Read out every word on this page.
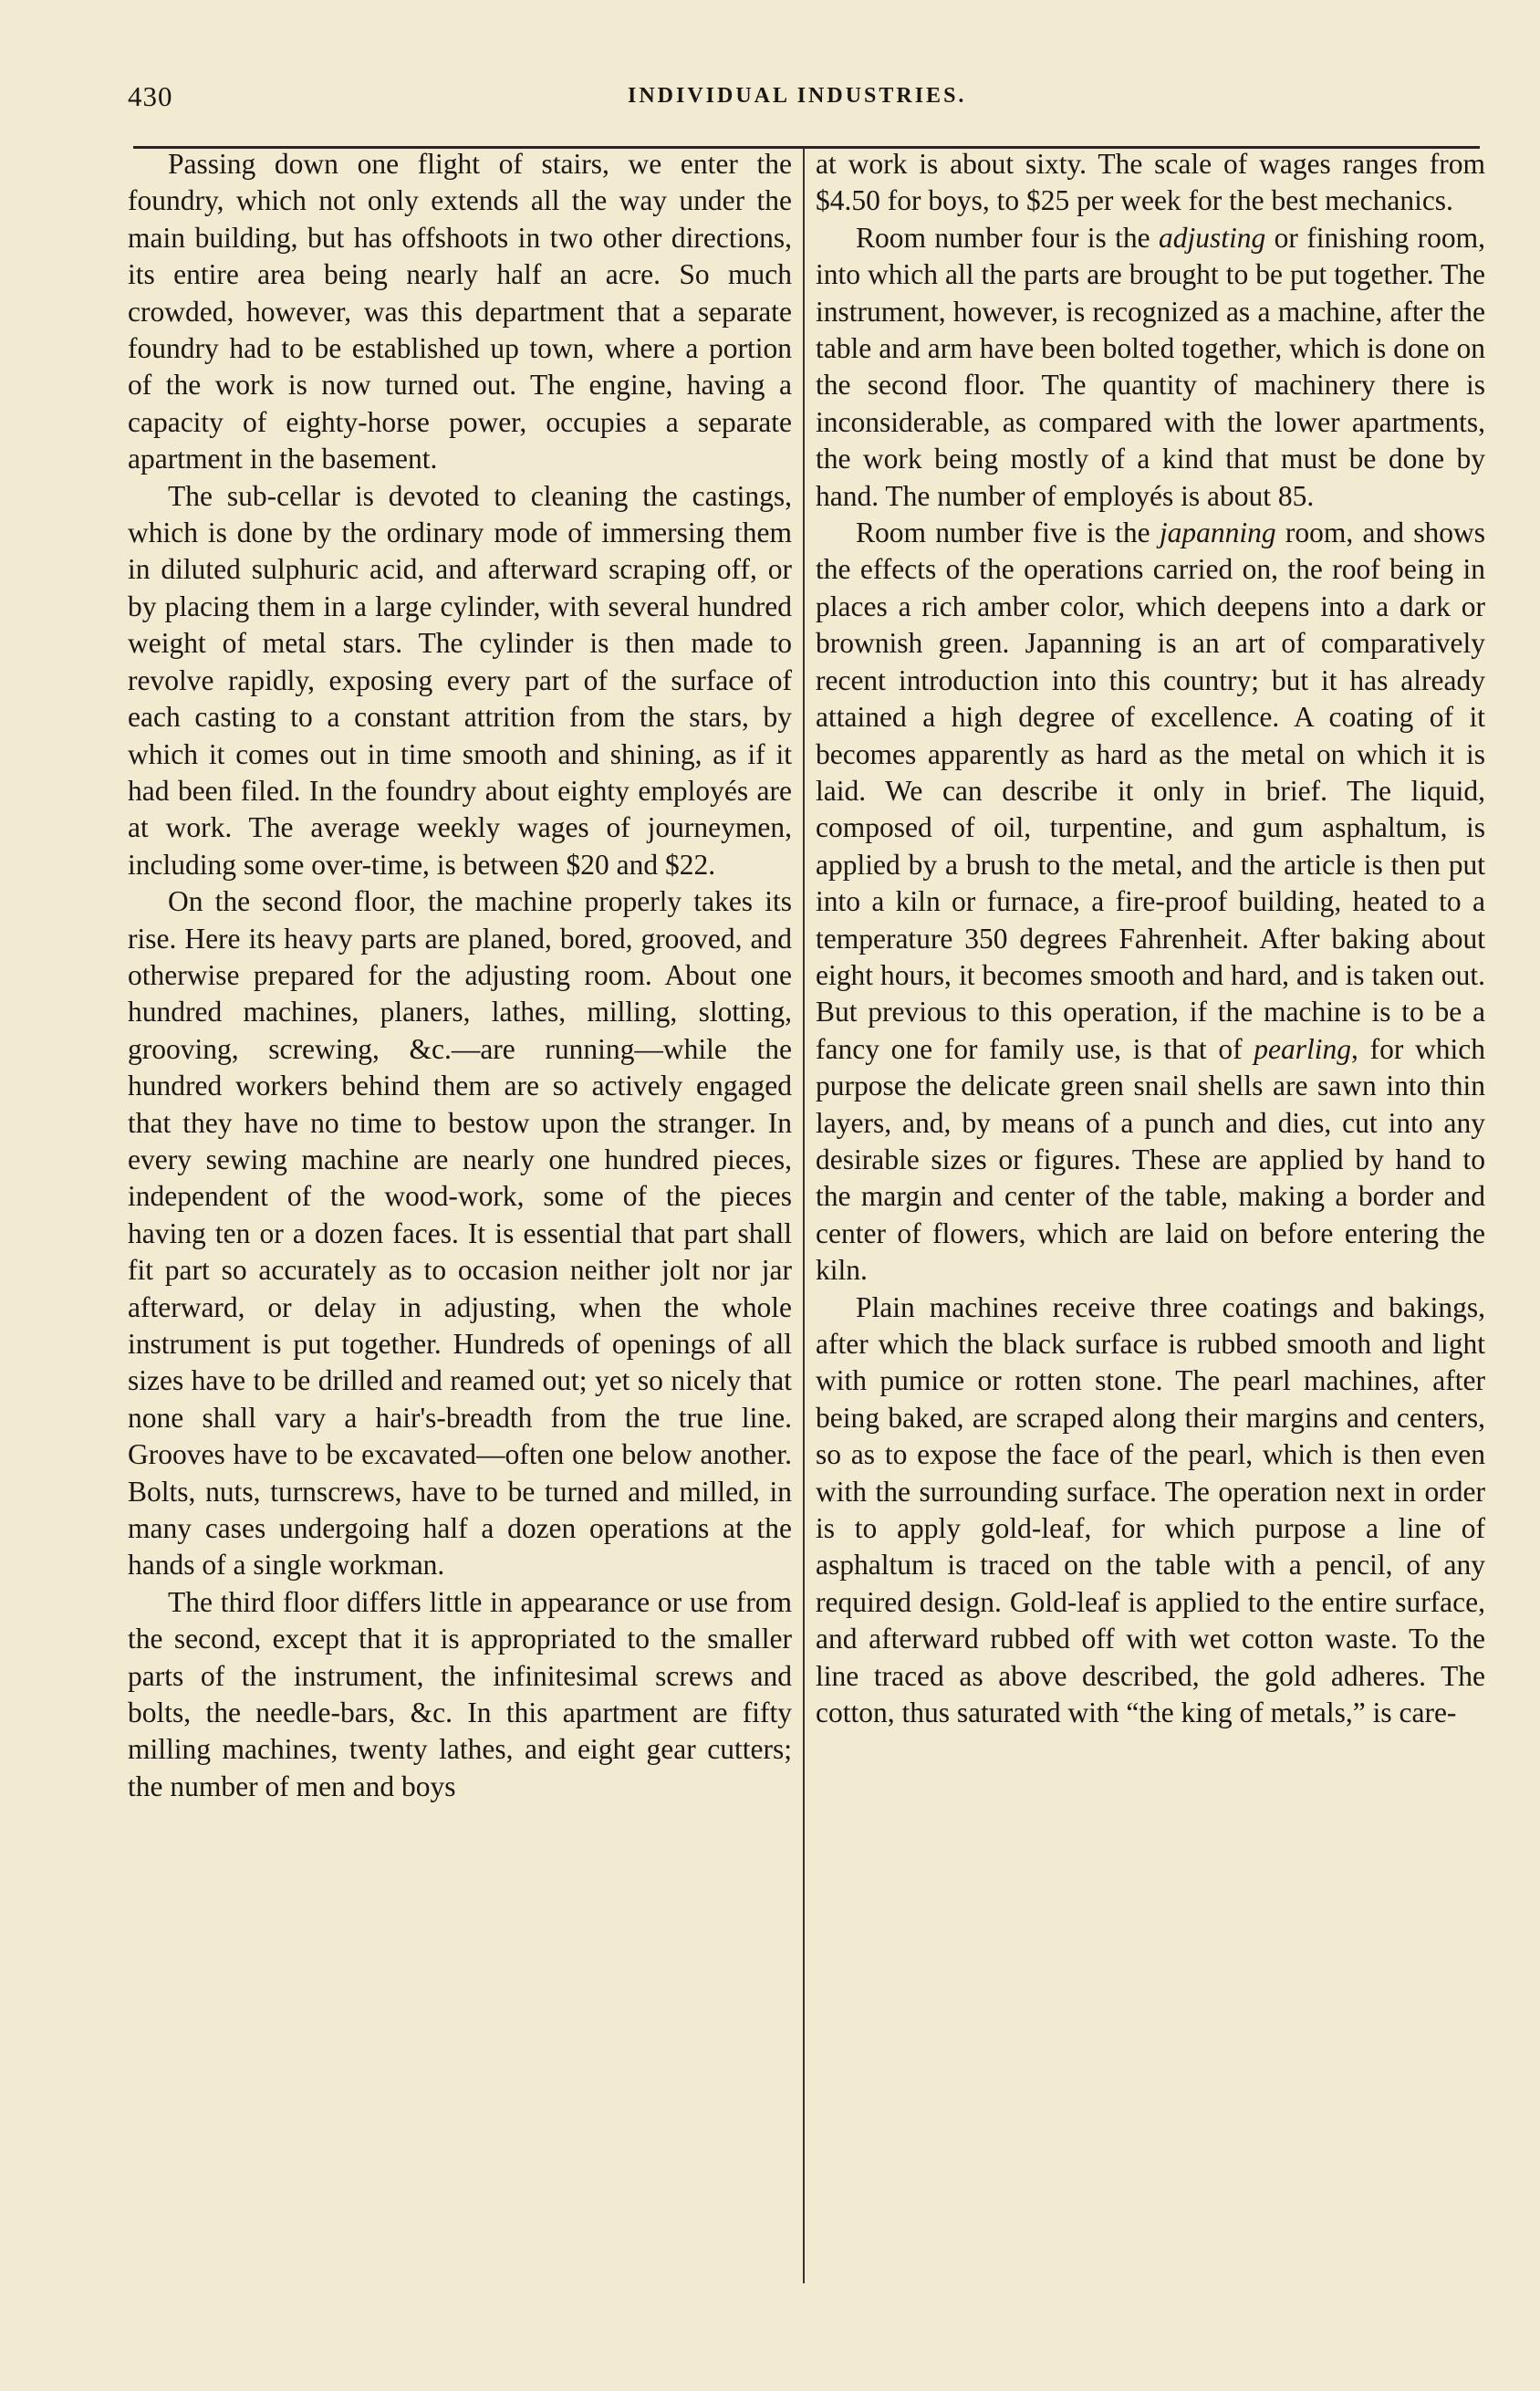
430	INDIVIDUAL INDUSTRIES.

Passing down one flight of stairs, we enter the foundry, which not only extends all the way under the main building, but has offshoots in two other directions, its entire area being nearly half an acre. So much crowded, however, was this department that a separate foundry had to be established up town, where a portion of the work is now turned out. The engine, having a capacity of eighty-horse power, occupies a separate apartment in the basement.

The sub-cellar is devoted to cleaning the castings, which is done by the ordinary mode of immersing them in diluted sulphuric acid, and afterward scraping off, or by placing them in a large cylinder, with several hundred weight of metal stars. The cylinder is then made to revolve rapidly, exposing every part of the surface of each casting to a constant attrition from the stars, by which it comes out in time smooth and shining, as if it had been filed. In the foundry about eighty employés are at work. The average weekly wages of journeymen, including some over-time, is between $20 and $22.

On the second floor, the machine properly takes its rise. Here its heavy parts are planed, bored, grooved, and otherwise prepared for the adjusting room. About one hundred machines, planers, lathes, milling, slotting, grooving, screwing, &c.—are running—while the hundred workers behind them are so actively engaged that they have no time to bestow upon the stranger. In every sewing machine are nearly one hundred pieces, independent of the wood-work, some of the pieces having ten or a dozen faces. It is essential that part shall fit part so accurately as to occasion neither jolt nor jar afterward, or delay in adjusting, when the whole instrument is put together. Hundreds of openings of all sizes have to be drilled and reamed out; yet so nicely that none shall vary a hair's-breadth from the true line. Grooves have to be excavated—often one below another. Bolts, nuts, turnscrews, have to be turned and milled, in many cases undergoing half a dozen operations at the hands of a single workman.

The third floor differs little in appearance or use from the second, except that it is appropriated to the smaller parts of the instrument, the infinitesimal screws and bolts, the needle-bars, &c. In this apartment are fifty milling machines, twenty lathes, and eight gear cutters; the number of men and boys

at work is about sixty. The scale of wages ranges from $4.50 for boys, to $25 per week for the best mechanics.

Room number four is the adjusting or finishing room, into which all the parts are brought to be put together. The instrument, however, is recognized as a machine, after the table and arm have been bolted together, which is done on the second floor. The quantity of machinery there is inconsiderable, as compared with the lower apartments, the work being mostly of a kind that must be done by hand. The number of employés is about 85.

Room number five is the japanning room, and shows the effects of the operations carried on, the roof being in places a rich amber color, which deepens into a dark or brownish green. Japanning is an art of comparatively recent introduction into this country; but it has already attained a high degree of excellence. A coating of it becomes apparently as hard as the metal on which it is laid. We can describe it only in brief. The liquid, composed of oil, turpentine, and gum asphaltum, is applied by a brush to the metal, and the article is then put into a kiln or furnace, a fire-proof building, heated to a temperature 350 degrees Fahrenheit. After baking about eight hours, it becomes smooth and hard, and is taken out. But previous to this operation, if the machine is to be a fancy one for family use, is that of pearling, for which purpose the delicate green snail shells are sawn into thin layers, and, by means of a punch and dies, cut into any desirable sizes or figures. These are applied by hand to the margin and center of the table, making a border and center of flowers, which are laid on before entering the kiln.

Plain machines receive three coatings and bakings, after which the black surface is rubbed smooth and light with pumice or rotten stone. The pearl machines, after being baked, are scraped along their margins and centers, so as to expose the face of the pearl, which is then even with the surrounding surface. The operation next in order is to apply gold-leaf, for which purpose a line of asphaltum is traced on the table with a pencil, of any required design. Gold-leaf is applied to the entire surface, and afterward rubbed off with wet cotton waste. To the line traced as above described, the gold adheres. The cotton, thus saturated with “the king of metals,” is care-
